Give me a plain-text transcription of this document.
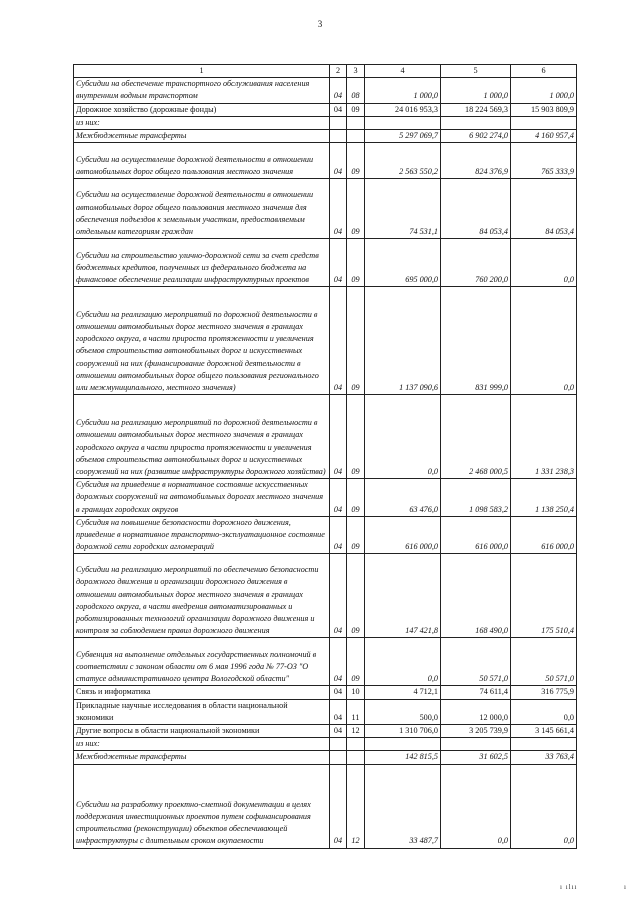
3
1	2	3	4	5	6
Субсидии на обеспечение транспортного обслуживания населения внутренним водным транспортом	04	08	1 000,0	1 000,0	1 000,0
Дорожное хозяйство (дорожные фонды)	04	09	24 016 953,3	18 224 569,3	15 903 809,9
из них:					
Межбюджетные трансферты			5 297 069,7	6 902 274,0	4 160 957,4
Субсидии на осуществление дорожной деятельности в отношении автомобильных дорог общего пользования местного значения	04	09	2 563 550,2	824 376,9	765 333,9
Субсидии на осуществление дорожной деятельности в отношении автомобильных дорог общего пользования местного значения для обеспечения подъездов к земельным участкам, предоставляемым отдельным категориям граждан	04	09	74 531,1	84 053,4	84 053,4
Субсидии на строительство улично-дорожной сети за счет средств бюджетных кредитов, полученных из федерального бюджета на финансовое обеспечение реализации инфраструктурных проектов	04	09	695 000,0	760 200,0	0,0
Субсидии на реализацию мероприятий по дорожной деятельности в отношении автомобильных дорог местного значения в границах городского округа, в части прироста протяженности и увеличения объемов строительства автомобильных дорог и искусственных сооружений на них (финансирование дорожной деятельности в отношении автомобильных дорог общего пользования регионального или межмуниципального, местного значения)	04	09	1 137 090,6	831 999,0	0,0
Субсидии на реализацию мероприятий по дорожной деятельности в отношении автомобильных дорог местного значения в границах городского округа в части прироста протяженности и увеличения объемов строительства автомобильных дорог и искусственных сооружений на них (развитие инфраструктуры дорожного хозяйства)	04	09	0,0	2 468 000,5	1 331 238,3
Субсидия на приведение в нормативное состояние искусственных дорожных сооружений на автомобильных дорогах местного значения в границах городских округов	04	09	63 476,0	1 098 583,2	1 138 250,4
Субсидия на повышение безопасности дорожного движения, приведение в нормативное транспортно-эксплуатационное состояние дорожной сети городских агломераций	04	09	616 000,0	616 000,0	616 000,0
Субсидии на реализацию мероприятий по обеспечению безопасности дорожного движения и организации дорожного движения в отношении автомобильных дорог местного значения в границах городского округа, в части внедрения автоматизированных и роботизированных технологий организации дорожного движения и контроля за соблюдением правил дорожного движения	04	09	147 421,8	168 490,0	175 510,4
Субвенция на выполнение отдельных государственных полномочий в соответствии с законом области от 6 мая 1996 года № 77-ОЗ "О статусе административного центра Вологодской области"	04	09	0,0	50 571,0	50 571,0
Связь и информатика	04	10	4 712,1	74 611,4	316 775,9
Прикладные научные исследования в области национальной экономики	04	11	500,0	12 000,0	0,0
Другие вопросы в области национальной экономики	04	12	1 310 706,0	3 205 739,9	3 145 661,4
из них:					
Межбюджетные трансферты			142 815,5	31 602,5	33 763,4
Субсидии на разработку проектно-сметной документации в целях поддержания инвестиционных проектов путем софинансирования строительства (реконструкции) объектов обеспечивающей инфраструктуры с длительным сроком окупаемости	04	12	33 487,7	0,0	0,0
ı ılıı	ı
